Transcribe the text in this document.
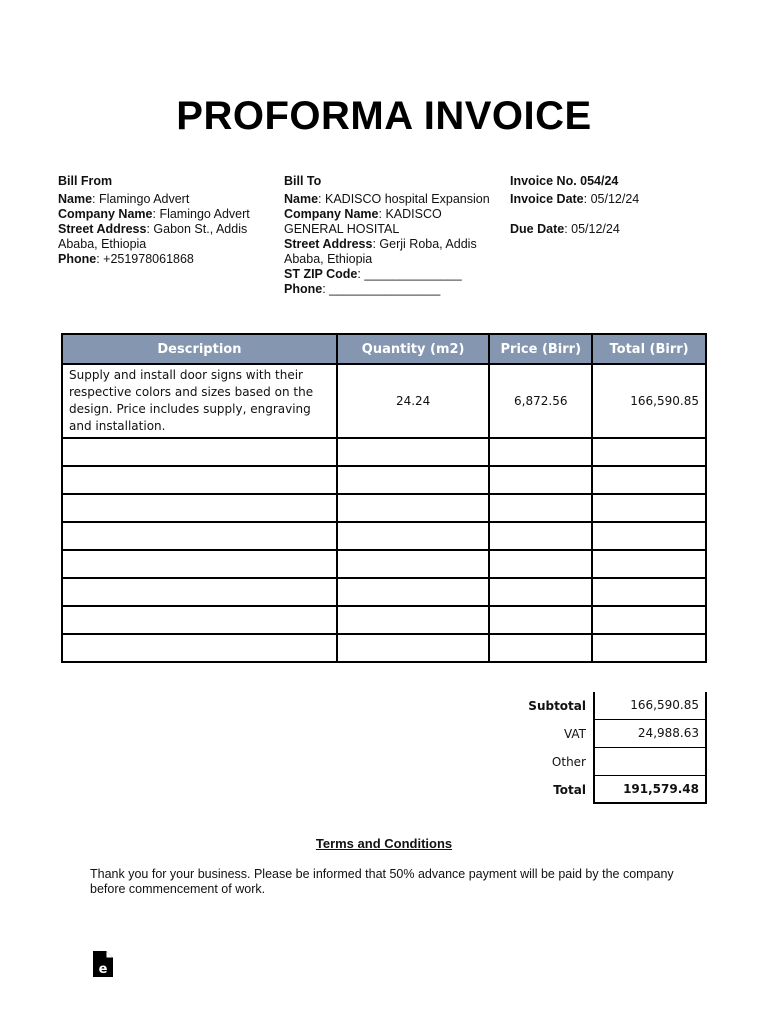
PROFORMA INVOICE
Bill From
Name: Flamingo Advert
Company Name: Flamingo Advert
Street Address: Gabon St., Addis Ababa, Ethiopia
Phone: +251978061868
Bill To
Name: KADISCO hospital Expansion
Company Name: KADISCO GENERAL HOSITAL
Street Address: Gerji Roba, Addis Ababa, Ethiopia
ST ZIP Code: ______________
Phone: ________________
Invoice No. 054/24
Invoice Date: 05/12/24
Due Date: 05/12/24
Description	Quantity (m2)	Price (Birr)	Total (Birr)
Supply and install door signs with their respective colors and sizes based on the design. Price includes supply, engraving and installation.	24.24	6,872.56	166,590.85

Subtotal	166,590.85
VAT	24,988.63
Other
Total	191,579.48
Terms and Conditions
Thank you for your business. Please be informed that 50% advance payment will be paid by the company before commencement of work.
e
